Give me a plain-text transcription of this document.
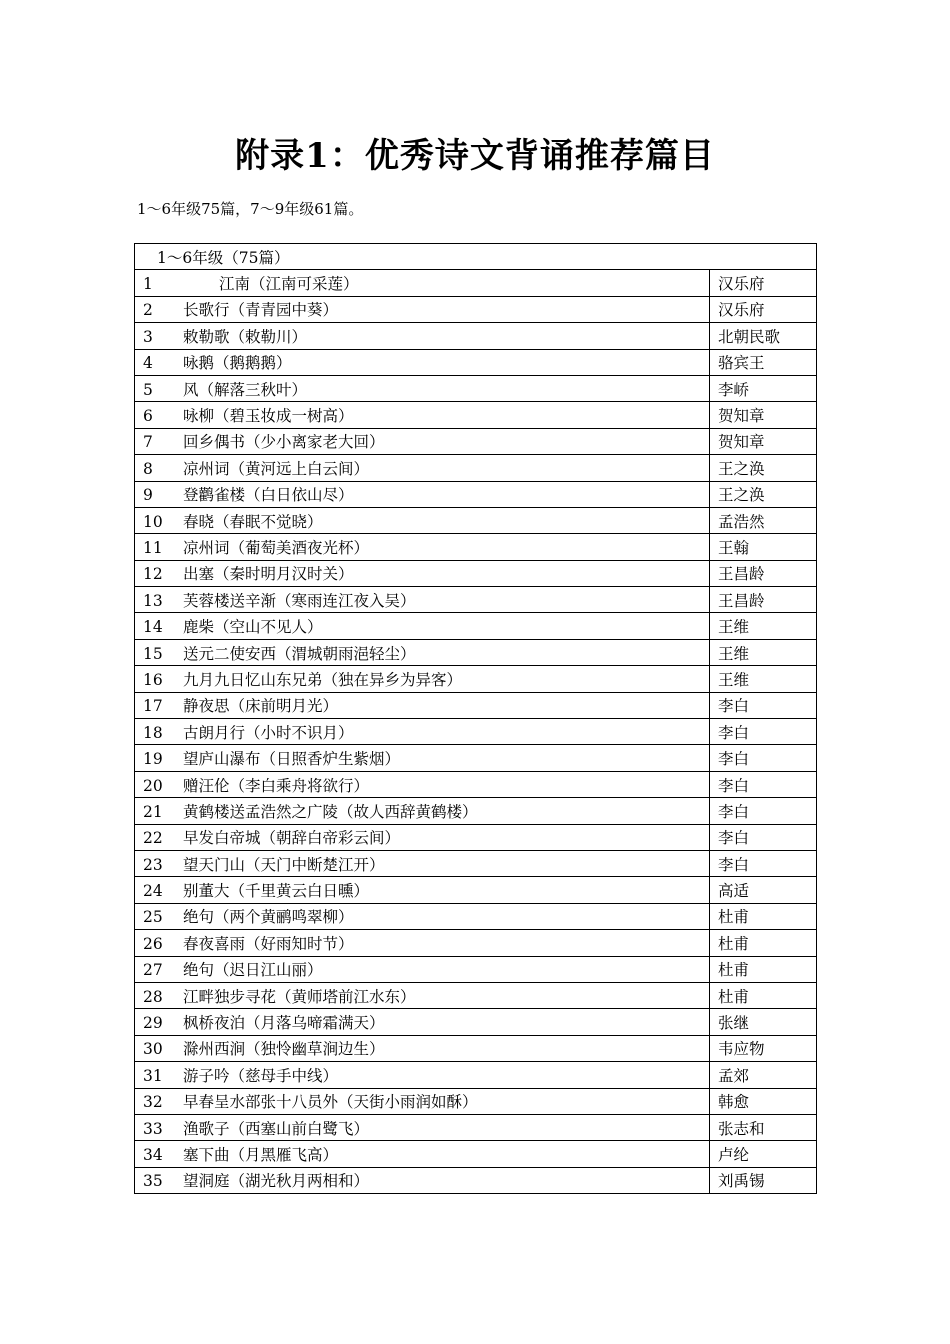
附录1：优秀诗文背诵推荐篇目

1～6年级75篇，7～9年级61篇。

1～6年级（75篇）	
1 江南（江南可采莲）	汉乐府
2 长歌行（青青园中葵）	汉乐府
3 敕勒歌（敕勒川）	北朝民歌
4 咏鹅（鹅鹅鹅）	骆宾王
5 风（解落三秋叶）	李峤
6 咏柳（碧玉妆成一树高）	贺知章
7 回乡偶书（少小离家老大回）	贺知章
8 凉州词（黄河远上白云间）	王之涣
9 登鹳雀楼（白日依山尽）	王之涣
10 春晓（春眠不觉晓）	孟浩然
11 凉州词（葡萄美酒夜光杯）	王翰
12 出塞（秦时明月汉时关）	王昌龄
13 芙蓉楼送辛渐（寒雨连江夜入吴）	王昌龄
14 鹿柴（空山不见人）	王维
15 送元二使安西（渭城朝雨浥轻尘）	王维
16 九月九日忆山东兄弟（独在异乡为异客）	王维
17 静夜思（床前明月光）	李白
18 古朗月行（小时不识月）	李白
19 望庐山瀑布（日照香炉生紫烟）	李白
20 赠汪伦（李白乘舟将欲行）	李白
21 黄鹤楼送孟浩然之广陵（故人西辞黄鹤楼）	李白
22 早发白帝城（朝辞白帝彩云间）	李白
23 望天门山（天门中断楚江开）	李白
24 别董大（千里黄云白日曛）	高适
25 绝句（两个黄鹂鸣翠柳）	杜甫
26 春夜喜雨（好雨知时节）	杜甫
27 绝句（迟日江山丽）	杜甫
28 江畔独步寻花（黄师塔前江水东）	杜甫
29 枫桥夜泊（月落乌啼霜满天）	张继
30 滁州西涧（独怜幽草涧边生）	韦应物
31 游子吟（慈母手中线）	孟郊
32 早春呈水部张十八员外（天街小雨润如酥）	韩愈
33 渔歌子（西塞山前白鹭飞）	张志和
34 塞下曲（月黑雁飞高）	卢纶
35 望洞庭（湖光秋月两相和）	刘禹锡
